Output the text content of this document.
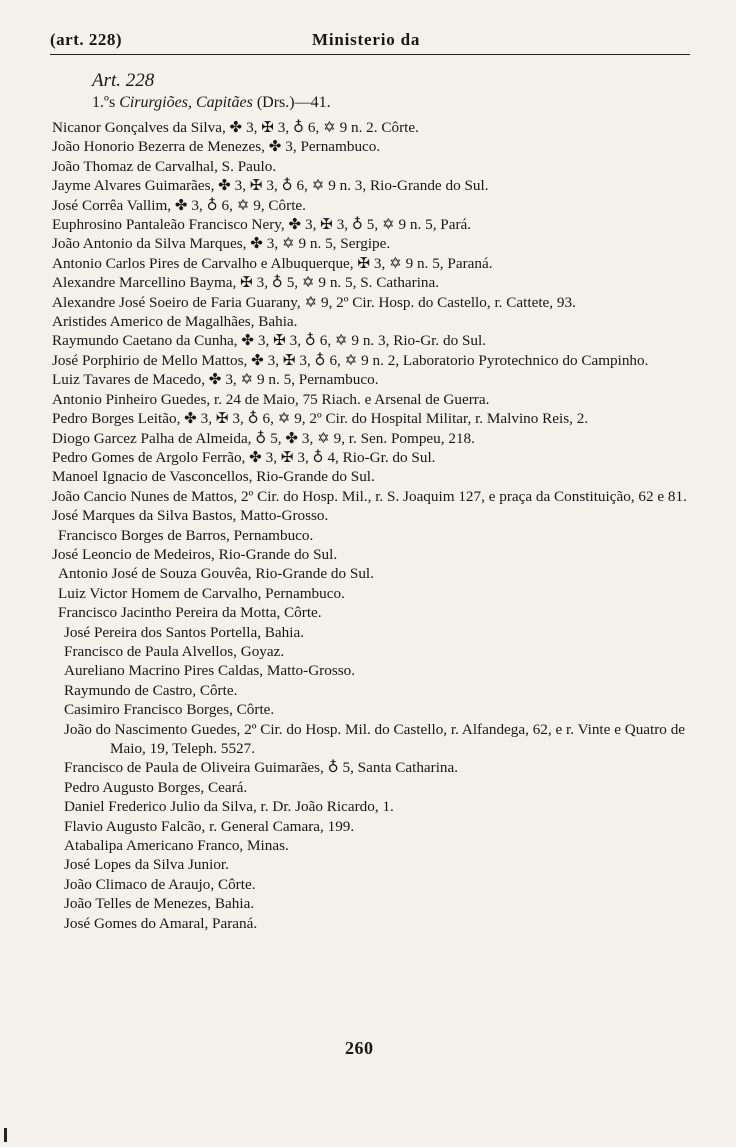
(art. 228)	Ministerio da
Art. 228
1.ºs Cirurgiões, Capitães (Drs.)—41.
Nicanor Gonçalves da Silva, ✤ 3, ✠ 3, ♁ 6, ✡ 9 n. 2. Côrte.
João Honorio Bezerra de Menezes, ✤ 3, Pernambuco.
João Thomaz de Carvalhal, S. Paulo.
Jayme Alvares Guimarães, ✤ 3, ✠ 3, ♁ 6, ✡ 9 n. 3, Rio-Grande do Sul.
José Corrêa Vallim, ✤ 3, ♁ 6, ✡ 9, Côrte.
Euphrosino Pantaleão Francisco Nery, ✤ 3, ✠ 3, ♁ 5, ✡ 9 n. 5, Pará.
João Antonio da Silva Marques, ✤ 3, ✡ 9 n. 5, Sergipe.
Antonio Carlos Pires de Carvalho e Albuquerque, ✠ 3, ✡ 9 n. 5, Paraná.
Alexandre Marcellino Bayma, ✠ 3, ♁ 5, ✡ 9 n. 5, S. Catharina.
Alexandre José Soeiro de Faria Guarany, ✡ 9, 2º Cir. Hosp. do Castello, r. Cattete, 93.
Aristides Americo de Magalhães, Bahia.
Raymundo Caetano da Cunha, ✤ 3, ✠ 3, ♁ 6, ✡ 9 n. 3, Rio-Gr. do Sul.
José Porphirio de Mello Mattos, ✤ 3, ✠ 3, ♁ 6, ✡ 9 n. 2, Laboratorio Pyrotechnico do Campinho.
Luiz Tavares de Macedo, ✤ 3, ✡ 9 n. 5, Pernambuco.
Antonio Pinheiro Guedes, r. 24 de Maio, 75 Riach. e Arsenal de Guerra.
Pedro Borges Leitão, ✤ 3, ✠ 3, ♁ 6, ✡ 9, 2º Cir. do Hospital Militar, r. Malvino Reis, 2.
Diogo Garcez Palha de Almeida, ♁ 5, ✤ 3, ✡ 9, r. Sen. Pompeu, 218.
Pedro Gomes de Argolo Ferrão, ✤ 3, ✠ 3, ♁ 4, Rio-Gr. do Sul.
Manoel Ignacio de Vasconcellos, Rio-Grande do Sul.
João Cancio Nunes de Mattos, 2º Cir. do Hosp. Mil., r. S. Joaquim 127, e praça da Constituição, 62 e 81.
José Marques da Silva Bastos, Matto-Grosso.
Francisco Borges de Barros, Pernambuco.
José Leoncio de Medeiros, Rio-Grande do Sul.
Antonio José de Souza Gouvêa, Rio-Grande do Sul.
Luiz Victor Homem de Carvalho, Pernambuco.
Francisco Jacintho Pereira da Motta, Côrte.
José Pereira dos Santos Portella, Bahia.
Francisco de Paula Alvellos, Goyaz.
Aureliano Macrino Pires Caldas, Matto-Grosso.
Raymundo de Castro, Côrte.
Casimiro Francisco Borges, Côrte.
João do Nascimento Guedes, 2º Cir. do Hosp. Mil. do Castello, r. Alfandega, 62, e r. Vinte e Quatro de Maio, 19, Teleph. 5527.
Francisco de Paula de Oliveira Guimarães, ♁ 5, Santa Catharina.
Pedro Augusto Borges, Ceará.
Daniel Frederico Julio da Silva, r. Dr. João Ricardo, 1.
Flavio Augusto Falcão, r. General Camara, 199.
Atabalipa Americano Franco, Minas.
José Lopes da Silva Junior.
João Climaco de Araujo, Côrte.
João Telles de Menezes, Bahia.
José Gomes do Amaral, Paraná.
260
